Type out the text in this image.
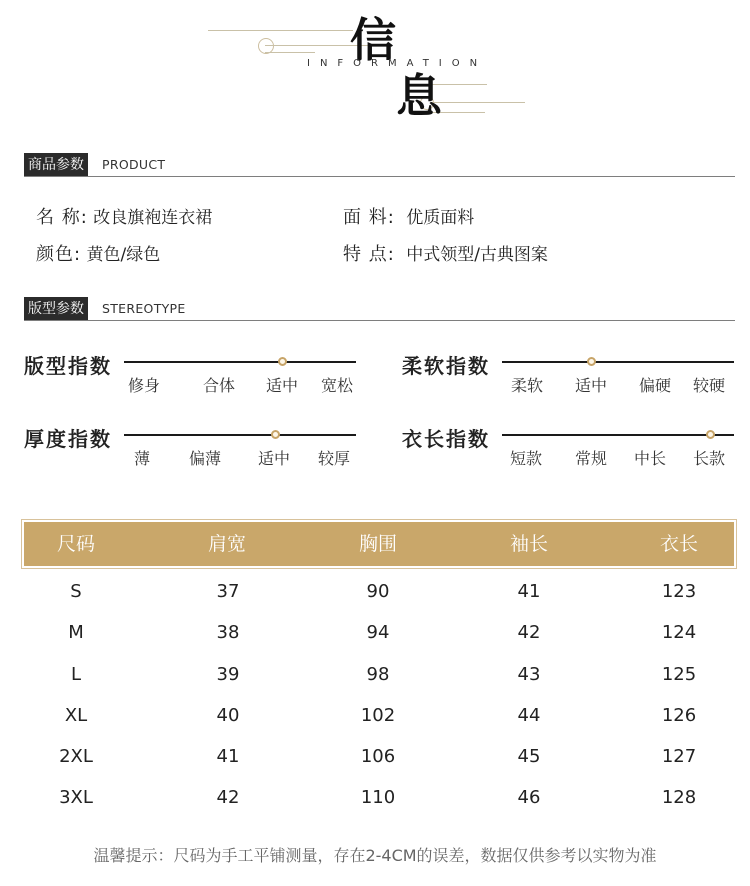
信
息
INFORMATION
商品参数	PRODUCT
名 称: 改良旗袍连衣裙	面 料: 优质面料
颜色: 黄色/绿色	特 点: 中式领型/古典图案
版型参数	STEREOTYPE
版型指数
修身	合体 适中 宽松
柔软指数
柔软 适中 偏硬 较硬
厚度指数
薄 偏薄 适中 较厚
衣长指数
短款 常规 中长 长款
尺码	肩宽	胸围	袖长	衣长
S	37	90	41	123
M	38	94	42	124
L	39	98	43	125
XL	40	102	44	126
2XL	41	106	45	127
3XL	42	110	46	128
温馨提示：尺码为手工平铺测量，存在2-4CM的误差，数据仅供参考以实物为准
